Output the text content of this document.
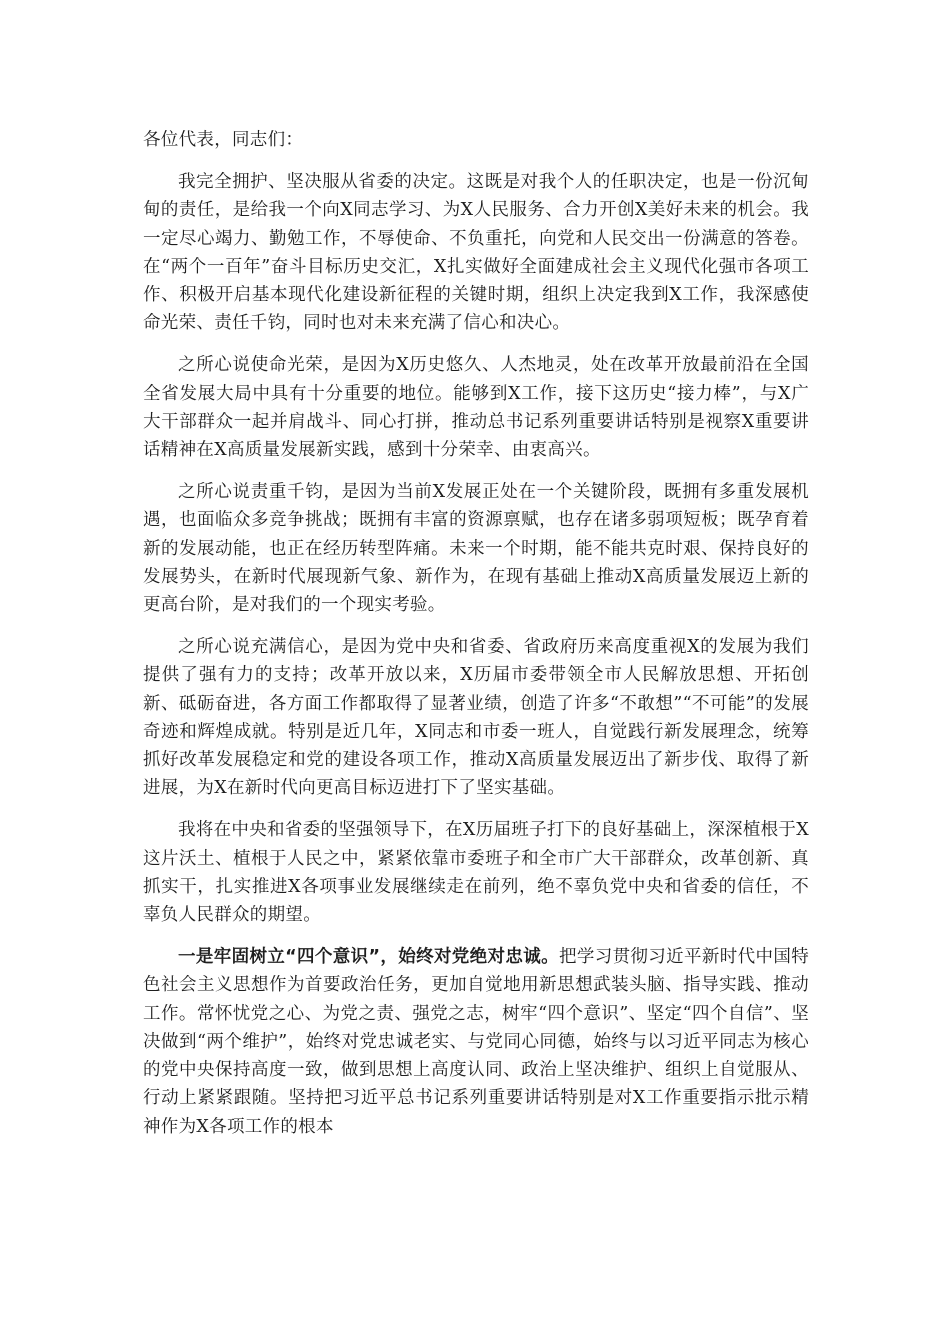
各位代表，同志们：

我完全拥护、坚决服从省委的决定。这既是对我个人的任职决定，也是一份沉甸甸的责任，是给我一个向X同志学习、为X人民服务、合力开创X美好未来的机会。我一定尽心竭力、勤勉工作，不辱使命、不负重托，向党和人民交出一份满意的答卷。在“两个一百年”奋斗目标历史交汇，X扎实做好全面建成社会主义现代化强市各项工作、积极开启基本现代化建设新征程的关键时期，组织上决定我到X工作，我深感使命光荣、责任千钧，同时也对未来充满了信心和决心。

之所心说使命光荣，是因为X历史悠久、人杰地灵，处在改革开放最前沿在全国全省发展大局中具有十分重要的地位。能够到X工作，接下这历史“接力棒”，与X广大干部群众一起并肩战斗、同心打拼，推动总书记系列重要讲话特别是视察X重要讲话精神在X高质量发展新实践，感到十分荣幸、由衷高兴。

之所心说责重千钧，是因为当前X发展正处在一个关键阶段，既拥有多重发展机遇，也面临众多竞争挑战；既拥有丰富的资源禀赋，也存在诸多弱项短板；既孕育着新的发展动能，也正在经历转型阵痛。未来一个时期，能不能共克时艰、保持良好的发展势头，在新时代展现新气象、新作为，在现有基础上推动X高质量发展迈上新的更高台阶，是对我们的一个现实考验。

之所心说充满信心，是因为党中央和省委、省政府历来高度重视X的发展为我们提供了强有力的支持；改革开放以来，X历届市委带领全市人民解放思想、开拓创新、砥砺奋进，各方面工作都取得了显著业绩，创造了许多“不敢想”“不可能”的发展奇迹和辉煌成就。特别是近几年，X同志和市委一班人，自觉践行新发展理念，统筹抓好改革发展稳定和党的建设各项工作，推动X高质量发展迈出了新步伐、取得了新进展，为X在新时代向更高目标迈进打下了坚实基础。

我将在中央和省委的坚强领导下，在X历届班子打下的良好基础上，深深植根于X这片沃土、植根于人民之中，紧紧依靠市委班子和全市广大干部群众，改革创新、真抓实干，扎实推进X各项事业发展继续走在前列，绝不辜负党中央和省委的信任，不辜负人民群众的期望。

一是牢固树立“四个意识”，始终对党绝对忠诚。把学习贯彻习近平新时代中国特色社会主义思想作为首要政治任务，更加自觉地用新思想武装头脑、指导实践、推动工作。常怀忧党之心、为党之责、强党之志，树牢“四个意识”、坚定“四个自信”、坚决做到“两个维护”，始终对党忠诚老实、与党同心同德，始终与以习近平同志为核心的党中央保持高度一致，做到思想上高度认同、政治上坚决维护、组织上自觉服从、行动上紧紧跟随。坚持把习近平总书记系列重要讲话特别是对X工作重要指示批示精神作为X各项工作的根本
